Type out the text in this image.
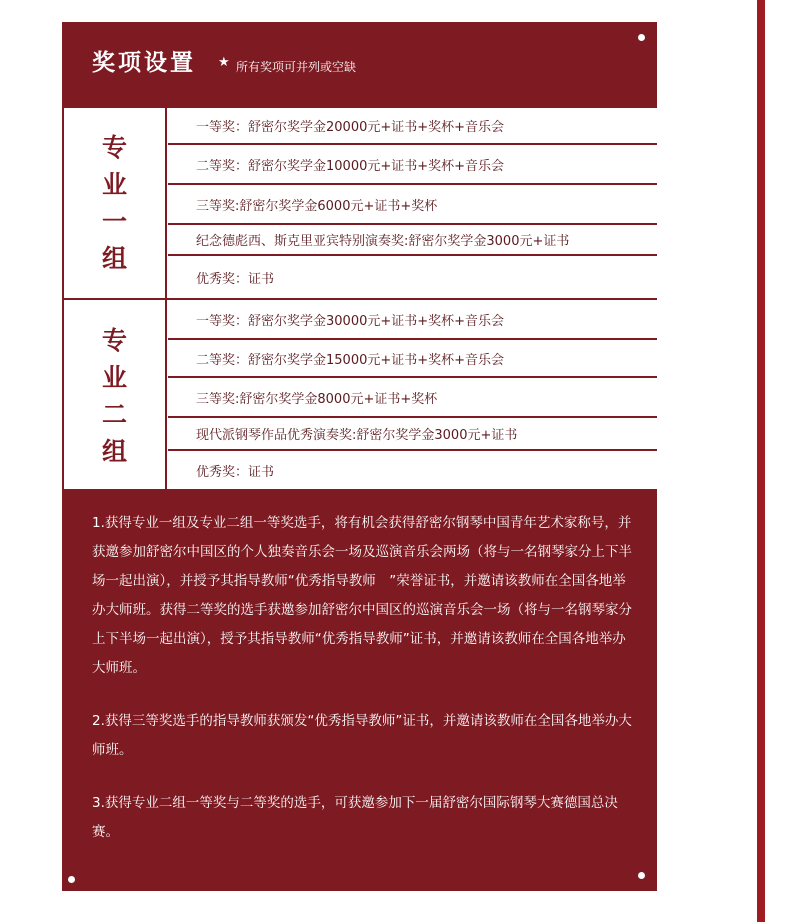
奖项设置 ★ 所有奖项可并列或空缺
专业一组
一等奖：舒密尔奖学金20000元+证书+奖杯+音乐会
二等奖：舒密尔奖学金10000元+证书+奖杯+音乐会
三等奖:舒密尔奖学金6000元+证书+奖杯
纪念德彪西、斯克里亚宾特别演奏奖:舒密尔奖学金3000元+证书
优秀奖：证书
专业二组
一等奖：舒密尔奖学金30000元+证书+奖杯+音乐会
二等奖：舒密尔奖学金15000元+证书+奖杯+音乐会
三等奖:舒密尔奖学金8000元+证书+奖杯
现代派钢琴作品优秀演奏奖:舒密尔奖学金3000元+证书
优秀奖：证书

1.获得专业一组及专业二组一等奖选手，将有机会获得舒密尔钢琴中国青年艺术家称号，并获邀参加舒密尔中国区的个人独奏音乐会一场及巡演音乐会两场（将与一名钢琴家分上下半场一起出演），并授予其指导教师“优秀指导教师　”荣誉证书，并邀请该教师在全国各地举办大师班。获得二等奖的选手获邀参加舒密尔中国区的巡演音乐会一场（将与一名钢琴家分上下半场一起出演），授予其指导教师“优秀指导教师”证书，并邀请该教师在全国各地举办大师班。

2.获得三等奖选手的指导教师获颁发“优秀指导教师”证书，并邀请该教师在全国各地举办大师班。

3.获得专业二组一等奖与二等奖的选手，可获邀参加下一届舒密尔国际钢琴大赛德国总决赛。
